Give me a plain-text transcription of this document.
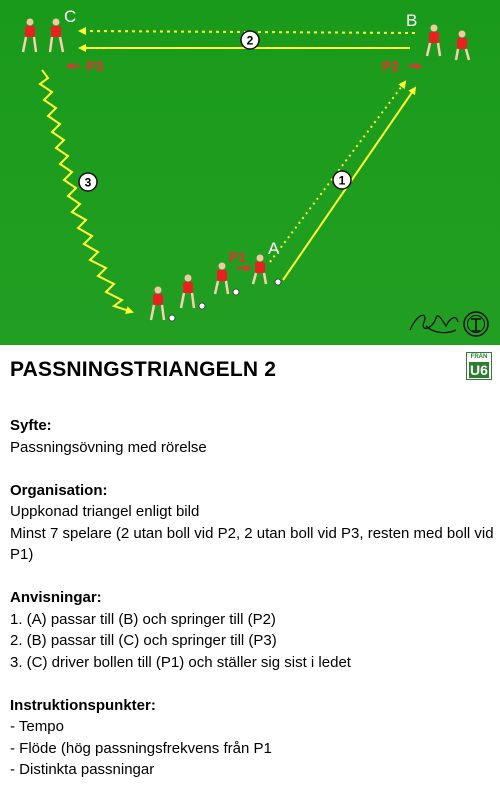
1
2
3
A
B
C
P1
P2
P3
PASSNINGSTRIANGELN 2
FRÅN
U6
Syfte:

Passningsövning med rörelse

Organisation:

Uppkonad triangel enligt bild

Minst 7 spelare (2 utan boll vid P2, 2 utan boll vid P3, resten med boll vid P1)

Anvisningar:

1. (A) passar till (B) och springer till (P2)

2. (B) passar till (C) och springer till (P3)

3. (C) driver bollen till (P1) och ställer sig sist i ledet

Instruktionspunkter:

- Tempo

- Flöde (hög passningsfrekvens från P1

- Distinkta passningar
